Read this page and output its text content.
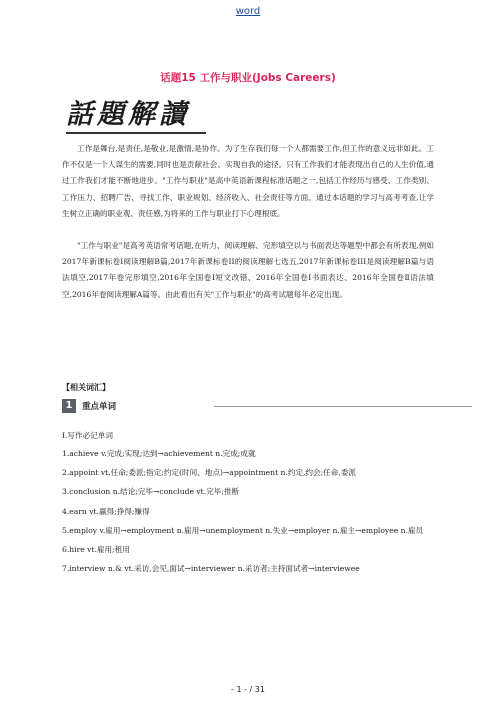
word
话题15 工作与职业(Jobs Careers)
話題解讀

工作是舞台,是责任,是敬业,是激情,是协作。为了生存我们每一个人都需要工作,但工作的意义远非如此。工作不仅是一个人谋生的需要,同时也是贡献社会、实现自我的途径。只有工作我们才能表现出自己的人生价值,通过工作我们才能不断地进步。"工作与职业"是高中英语新课程标准话题之一,包括工作经历与感受、工作类别、工作压力、招聘广告、寻找工作、职业规划、经济收入、社会责任等方面。通过本话题的学习与高考考查,让学生树立正确的职业观、责任感,为将来的工作与职业打下心理根底。

"工作与职业"是高考英语常考话题,在听力、阅读理解、完形填空以与书面表达等题型中都会有所表现,例如2017年新课标卷I阅读理解B篇,2017年新课标卷II的阅读理解七选五,2017年新课标卷III是阅读理解B篇与语法填空,2017年卷完形填空,2016年全国卷Ⅰ短文改错、2016年全国卷Ⅰ书面表达、2016年全国卷Ⅱ语法填空,2016年卷阅读理解A篇等。由此看出有关"工作与职业"的高考试题每年必定出现。

【相关词汇】
1	重点单词

Ⅰ.写作必记单词

1.achieve v.完成;实现;达到→achievement n.完成;成就

2.appoint vt.任命;委派;指定;约定(时间、地点)→appointment n.约定,约会;任命,委派

3.conclusion n.结论;完毕→conclude vt.完毕;推断

4.earn vt.赢得;挣得;赚得

5.employ v.雇用→employment n.雇用→unemployment n.失业→employer n.雇主→employee n.雇员

6.hire vt.雇用;租用

7.interview n.& vt.采访,会见,面试→interviewer n.采访者;主持面试者→interviewee

- 1 - / 31
